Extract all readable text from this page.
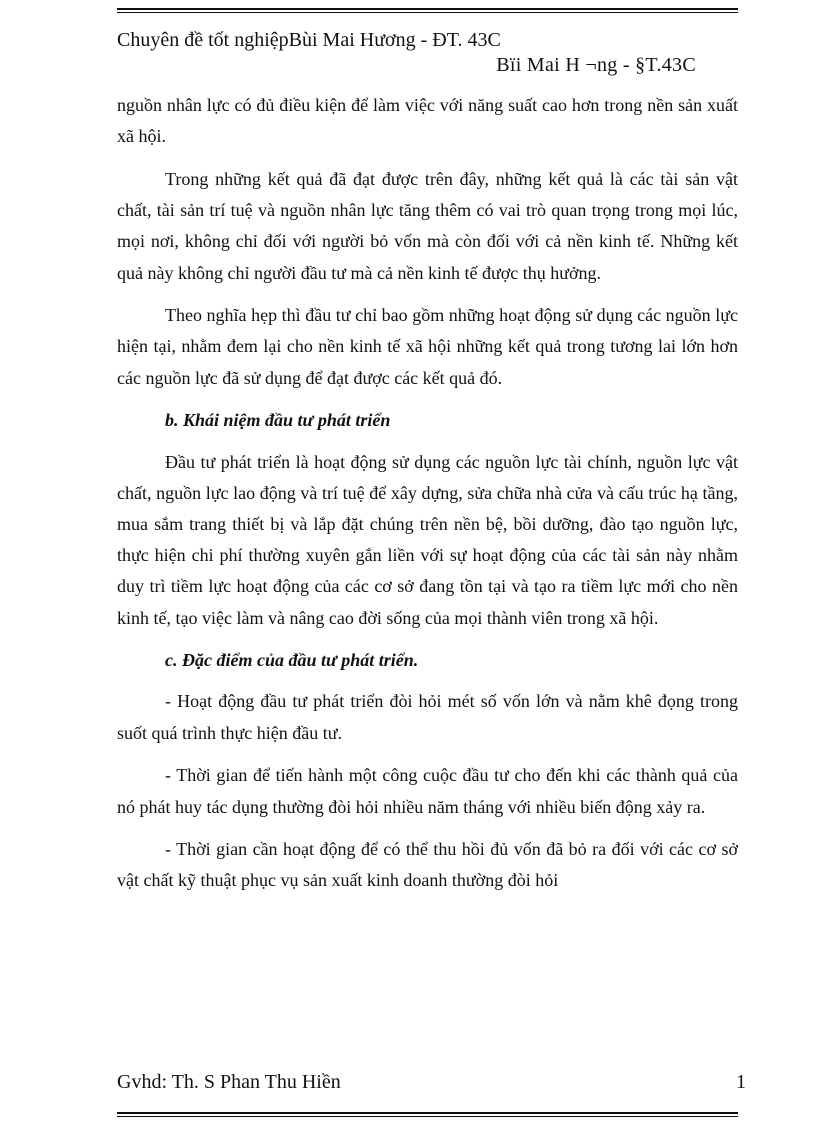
Chuyên đề tốt nghiệpBùi Mai Hương - ĐT. 43C
Bïi Mai H ¬ng - §T.43C

nguồn nhân lực có đủ điều kiện để làm việc với năng suất cao hơn trong nền sản xuất xã hội.

Trong những kết quả đã đạt được trên đây, những kết quả là các tài sản vật chất, tài sản trí tuệ và nguồn nhân lực tăng thêm có vai trò quan trọng trong mọi lúc, mọi nơi, không chỉ đối với người bỏ vốn mà còn đối với cả nền kinh tế. Những kết quả này không chỉ người đầu tư mà cả nền kinh tế được thụ hưởng.

Theo nghĩa hẹp thì đầu tư chỉ bao gồm những hoạt động sử dụng các nguồn lực hiện tại, nhằm đem lại cho nền kinh tế xã hội những kết quả trong tương lai lớn hơn các nguồn lực đã sử dụng để đạt được các kết quả đó.

b. Khái niệm đầu tư phát triển

Đầu tư phát triển là hoạt động sử dụng các nguồn lực tài chính, nguồn lực vật chất, nguồn lực lao động và trí tuệ để xây dựng, sửa chữa nhà cửa và cấu trúc hạ tầng, mua sắm trang thiết bị và lắp đặt chúng trên nền bệ, bồi dưỡng, đào tạo nguồn lực, thực hiện chi phí thường xuyên gắn liền với sự hoạt động của các tài sản này nhằm duy trì tiềm lực hoạt động của các cơ sở đang tồn tại và tạo ra tiềm lực mới cho nền kinh tế, tạo việc làm và nâng cao đời sống của mọi thành viên trong xã hội.

c. Đặc điểm của đầu tư phát triển.

- Hoạt động đầu tư phát triển đòi hỏi mét số vốn lớn và nằm khê đọng trong suốt quá trình thực hiện đầu tư.

- Thời gian để tiến hành một công cuộc đầu tư cho đến khi các thành quả của nó phát huy tác dụng thường đòi hỏi nhiều năm tháng với nhiều biến động xảy ra.

- Thời gian cần hoạt động để có thể thu hồi đủ vốn đã bỏ ra đối với các cơ sở vật chất kỹ thuật phục vụ sản xuất kinh doanh thường đòi hỏi

Gvhd: Th. S Phan Thu Hiền	1
